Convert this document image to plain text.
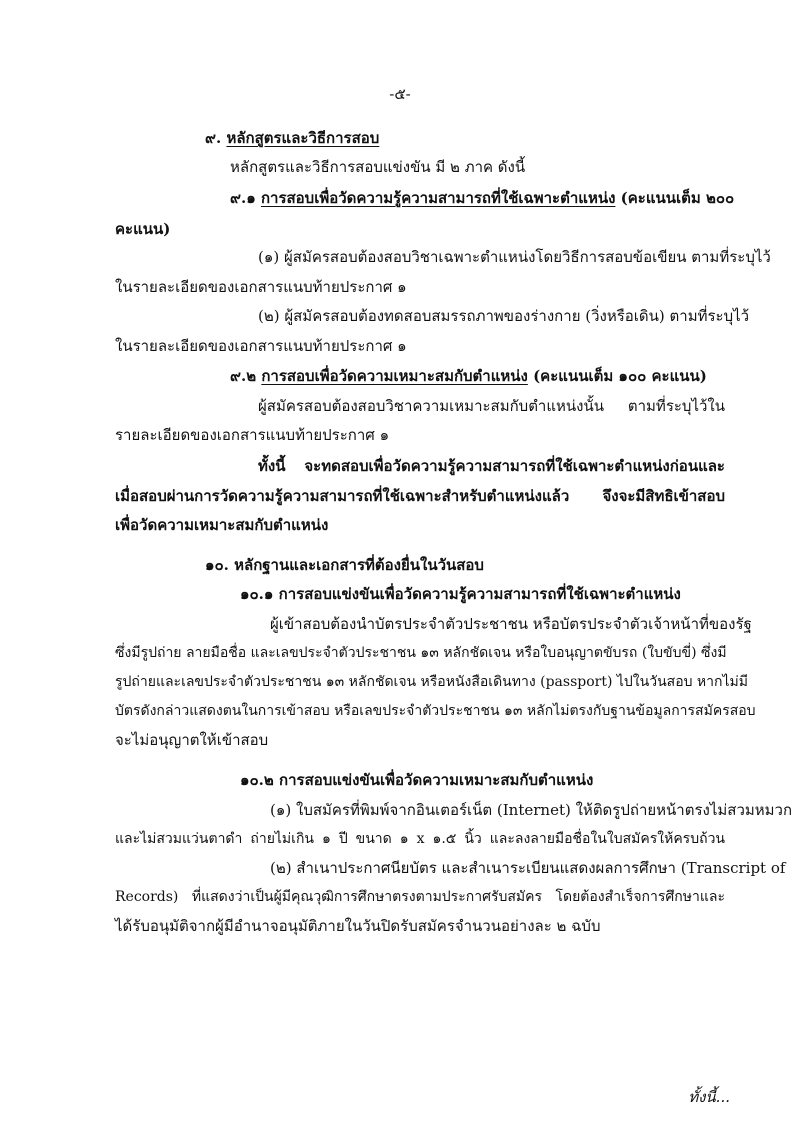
-๕-
๙. หลักสูตรและวิธีการสอบ
หลักสูตรและวิธีการสอบแข่งขัน มี ๒ ภาค ดังนี้
๙.๑ การสอบเพื่อวัดความรู้ความสามารถที่ใช้เฉพาะตำแหน่ง (คะแนนเต็ม ๒๐๐
คะแนน)
(๑) ผู้สมัครสอบต้องสอบวิชาเฉพาะตำแหน่งโดยวิธีการสอบข้อเขียน ตามที่ระบุไว้
ในรายละเอียดของเอกสารแนบท้ายประกาศ ๑
(๒) ผู้สมัครสอบต้องทดสอบสมรรถภาพของร่างกาย (วิ่งหรือเดิน) ตามที่ระบุไว้
ในรายละเอียดของเอกสารแนบท้ายประกาศ ๑
๙.๒ การสอบเพื่อวัดความเหมาะสมกับตำแหน่ง (คะแนนเต็ม ๑๐๐ คะแนน)
ผู้สมัครสอบต้องสอบวิชาความเหมาะสมกับตำแหน่งนั้น ตามที่ระบุไว้ใน
รายละเอียดของเอกสารแนบท้ายประกาศ ๑
ทั้งนี้ จะทดสอบเพื่อวัดความรู้ความสามารถที่ใช้เฉพาะตำแหน่งก่อนและ
เมื่อสอบผ่านการวัดความรู้ความสามารถที่ใช้เฉพาะสำหรับตำแหน่งแล้ว จึงจะมีสิทธิเข้าสอบ
เพื่อวัดความเหมาะสมกับตำแหน่ง
๑๐. หลักฐานและเอกสารที่ต้องยื่นในวันสอบ
๑๐.๑ การสอบแข่งขันเพื่อวัดความรู้ความสามารถที่ใช้เฉพาะตำแหน่ง
ผู้เข้าสอบต้องนำบัตรประจำตัวประชาชน หรือบัตรประจำตัวเจ้าหน้าที่ของรัฐ
ซึ่งมีรูปถ่าย ลายมือชื่อ และเลขประจำตัวประชาชน ๑๓ หลักชัดเจน หรือใบอนุญาตขับรถ (ใบขับขี่) ซึ่งมี
รูปถ่ายและเลขประจำตัวประชาชน ๑๓ หลักชัดเจน หรือหนังสือเดินทาง (passport) ไปในวันสอบ หากไม่มี
บัตรดังกล่าวแสดงตนในการเข้าสอบ หรือเลขประจำตัวประชาชน ๑๓ หลักไม่ตรงกับฐานข้อมูลการสมัครสอบ
จะไม่อนุญาตให้เข้าสอบ
๑๐.๒ การสอบแข่งขันเพื่อวัดความเหมาะสมกับตำแหน่ง
(๑) ใบสมัครที่พิมพ์จากอินเตอร์เน็ต (Internet) ให้ติดรูปถ่ายหน้าตรงไม่สวมหมวก
และไม่สวมแว่นตาดำ ถ่ายไม่เกิน ๑ ปี ขนาด ๑ x ๑.๕ นิ้ว และลงลายมือชื่อในใบสมัครให้ครบถ้วน
(๒) สำเนาประกาศนียบัตร และสำเนาระเบียนแสดงผลการศึกษา (Transcript of
Records) ที่แสดงว่าเป็นผู้มีคุณวุฒิการศึกษาตรงตามประกาศรับสมัคร โดยต้องสำเร็จการศึกษาและ
ได้รับอนุมัติจากผู้มีอำนาจอนุมัติภายในวันปิดรับสมัครจำนวนอย่างละ ๒ ฉบับ
ทั้งนี้...
